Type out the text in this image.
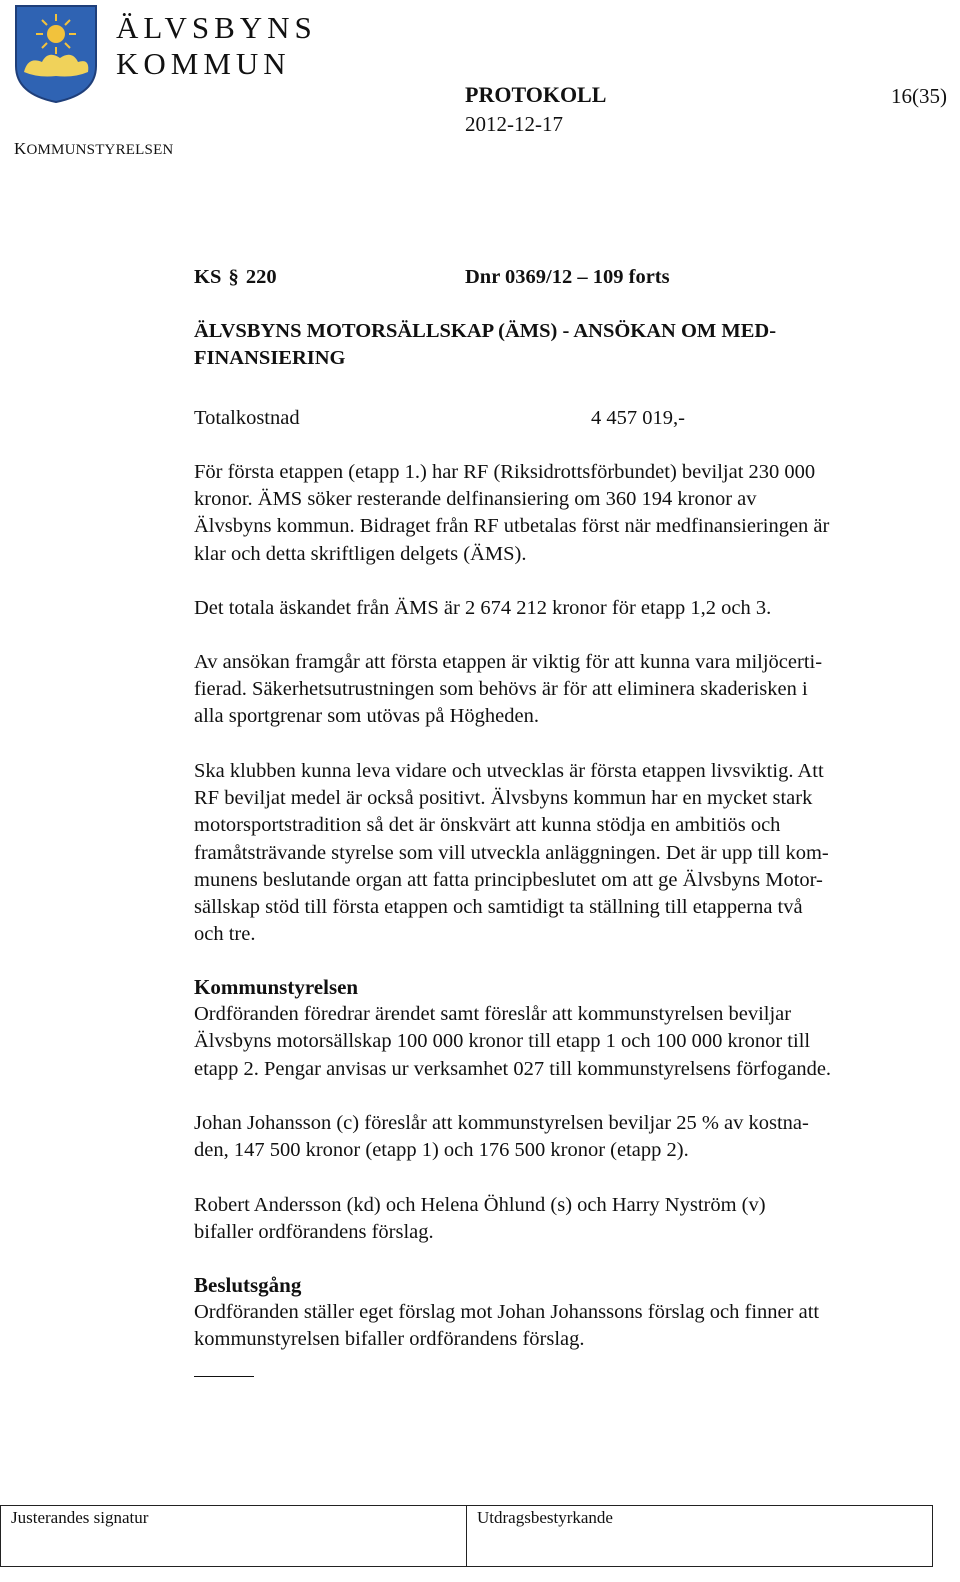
ÄLVSBYNS
KOMMUN
KOMMUNSTYRELSEN
PROTOKOLL
2012-12-17
16(35)
KS § 220	Dnr 0369/12 – 109 forts
ÄLVSBYNS MOTORSÄLLSKAP (ÄMS) - ANSÖKAN OM MED-
FINANSIERING
Totalkostnad	4 457 019,-

För första etappen (etapp 1.) har RF (Riksidrottsförbundet) beviljat 230 000

kronor. ÄMS söker resterande delfinansiering om 360 194 kronor av

Älvsbyns kommun. Bidraget från RF utbetalas först när medfinansieringen är

klar och detta skriftligen delgets (ÄMS).

Det totala äskandet från ÄMS är 2 674 212 kronor för etapp 1,2 och 3.

Av ansökan framgår att första etappen är viktig för att kunna vara miljöcerti-

fierad. Säkerhetsutrustningen som behövs är för att eliminera skaderisken i

alla sportgrenar som utövas på Högheden.

Ska klubben kunna leva vidare och utvecklas är första etappen livsviktig. Att

RF beviljat medel är också positivt. Älvsbyns kommun har en mycket stark

motorsportstradition så det är önskvärt att kunna stödja en ambitiös och

framåtsträvande styrelse som vill utveckla anläggningen. Det är upp till kom-

munens beslutande organ att fatta principbeslutet om att ge Älvsbyns Motor-

sällskap stöd till första etappen och samtidigt ta ställning till etapperna två

och tre.

Kommunstyrelsen

Ordföranden föredrar ärendet samt föreslår att kommunstyrelsen beviljar

Älvsbyns motorsällskap 100 000 kronor till etapp 1 och 100 000 kronor till

etapp 2. Pengar anvisas ur verksamhet 027 till kommunstyrelsens förfogande.

Johan Johansson (c) föreslår att kommunstyrelsen beviljar 25 % av kostna-

den, 147 500 kronor (etapp 1) och 176 500 kronor (etapp 2).

Robert Andersson (kd) och Helena Öhlund (s) och Harry Nyström (v)

bifaller ordförandens förslag.

Beslutsgång

Ordföranden ställer eget förslag mot Johan Johanssons förslag och finner att

kommunstyrelsen bifaller ordförandens förslag.

Justerandes signatur	Utdragsbestyrkande
